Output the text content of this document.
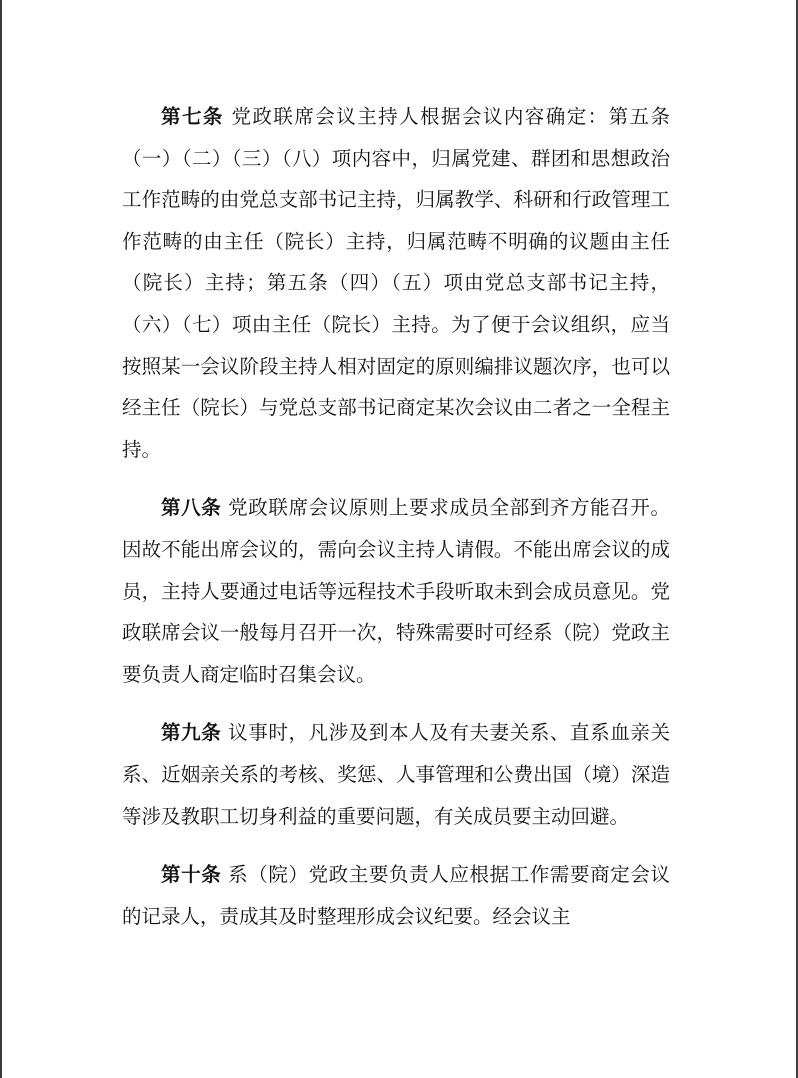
第七条 党政联席会议主持人根据会议内容确定：第五条（一）（二）（三）（八）项内容中，归属党建、群团和思想政治工作范畴的由党总支部书记主持，归属教学、科研和行政管理工作范畴的由主任（院长）主持，归属范畴不明确的议题由主任（院长）主持；第五条（四）（五）项由党总支部书记主持，（六）（七）项由主任（院长）主持。为了便于会议组织，应当按照某一会议阶段主持人相对固定的原则编排议题次序，也可以经主任（院长）与党总支部书记商定某次会议由二者之一全程主持。

第八条 党政联席会议原则上要求成员全部到齐方能召开。因故不能出席会议的，需向会议主持人请假。不能出席会议的成员，主持人要通过电话等远程技术手段听取未到会成员意见。党政联席会议一般每月召开一次，特殊需要时可经系（院）党政主要负责人商定临时召集会议。

第九条 议事时，凡涉及到本人及有夫妻关系、直系血亲关系、近姻亲关系的考核、奖惩、人事管理和公费出国（境）深造等涉及教职工切身利益的重要问题，有关成员要主动回避。

第十条 系（院）党政主要负责人应根据工作需要商定会议的记录人，责成其及时整理形成会议纪要。经会议主
